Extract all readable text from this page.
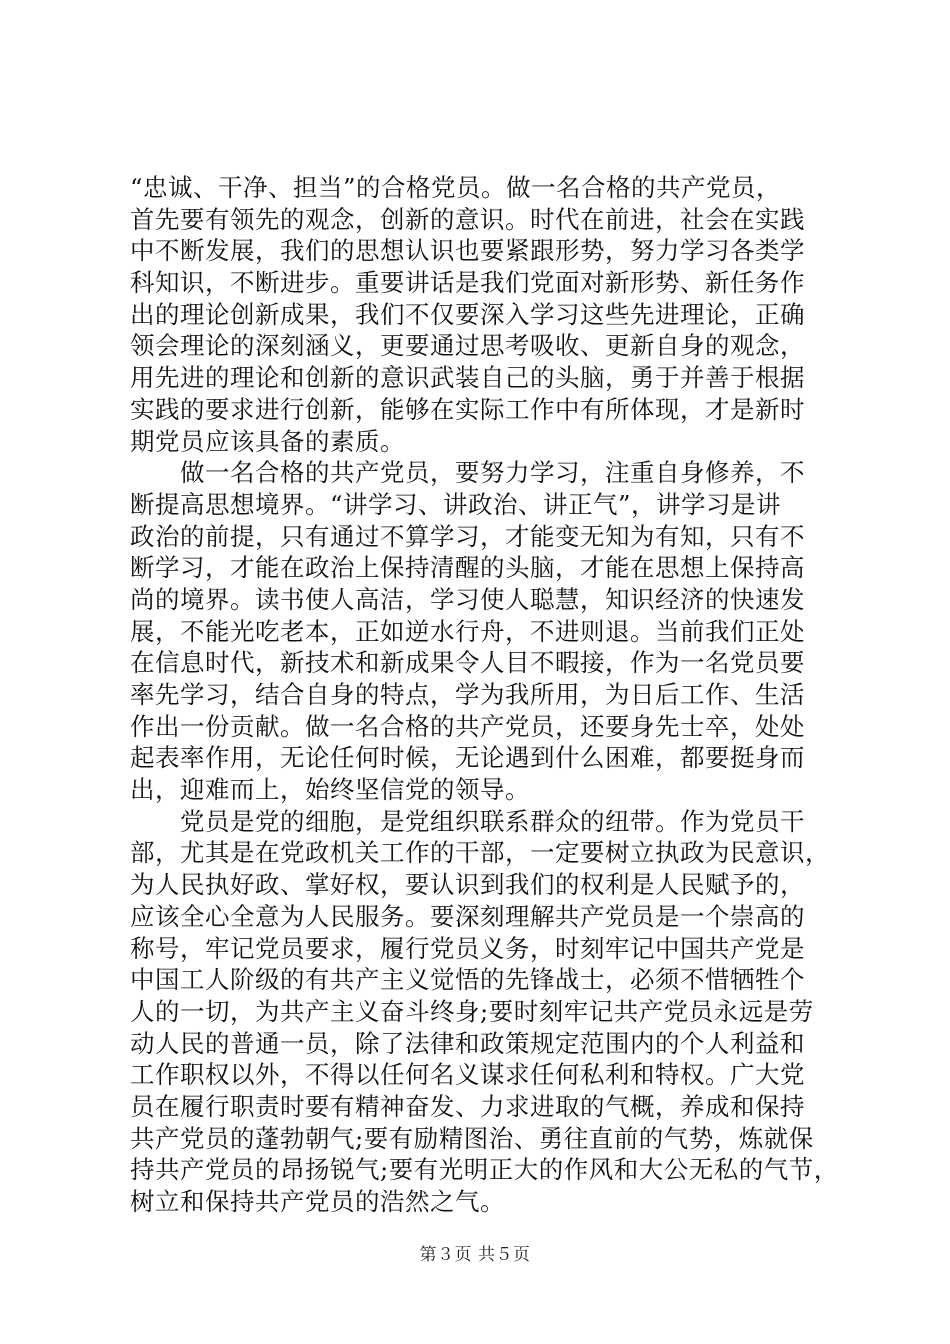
“忠诚、干净、担当”的合格党员。做一名合格的共产党员，
首先要有领先的观念，创新的意识。时代在前进，社会在实践
中不断发展，我们的思想认识也要紧跟形势，努力学习各类学
科知识，不断进步。重要讲话是我们党面对新形势、新任务作
出的理论创新成果，我们不仅要深入学习这些先进理论，正确
领会理论的深刻涵义，更要通过思考吸收、更新自身的观念，
用先进的理论和创新的意识武装自己的头脑，勇于并善于根据
实践的要求进行创新，能够在实际工作中有所体现，才是新时
期党员应该具备的素质。
　　做一名合格的共产党员，要努力学习，注重自身修养，不
断提高思想境界。“讲学习、讲政治、讲正气”，讲学习是讲
政治的前提，只有通过不算学习，才能变无知为有知，只有不
断学习，才能在政治上保持清醒的头脑，才能在思想上保持高
尚的境界。读书使人高洁，学习使人聪慧，知识经济的快速发
展，不能光吃老本，正如逆水行舟，不进则退。当前我们正处
在信息时代，新技术和新成果令人目不暇接，作为一名党员要
率先学习，结合自身的特点，学为我所用，为日后工作、生活
作出一份贡献。做一名合格的共产党员，还要身先士卒，处处
起表率作用，无论任何时候，无论遇到什么困难，都要挺身而
出，迎难而上，始终坚信党的领导。
　　党员是党的细胞，是党组织联系群众的纽带。作为党员干
部，尤其是在党政机关工作的干部，一定要树立执政为民意识，
为人民执好政、掌好权，要认识到我们的权利是人民赋予的，
应该全心全意为人民服务。要深刻理解共产党员是一个崇高的
称号，牢记党员要求，履行党员义务，时刻牢记中国共产党是
中国工人阶级的有共产主义觉悟的先锋战士，必须不惜牺牲个
人的一切，为共产主义奋斗终身;要时刻牢记共产党员永远是劳
动人民的普通一员，除了法律和政策规定范围内的个人利益和
工作职权以外，不得以任何名义谋求任何私利和特权。广大党
员在履行职责时要有精神奋发、力求进取的气概，养成和保持
共产党员的蓬勃朝气;要有励精图治、勇往直前的气势，炼就保
持共产党员的昂扬锐气;要有光明正大的作风和大公无私的气节，
树立和保持共产党员的浩然之气。
第３页 共５页
